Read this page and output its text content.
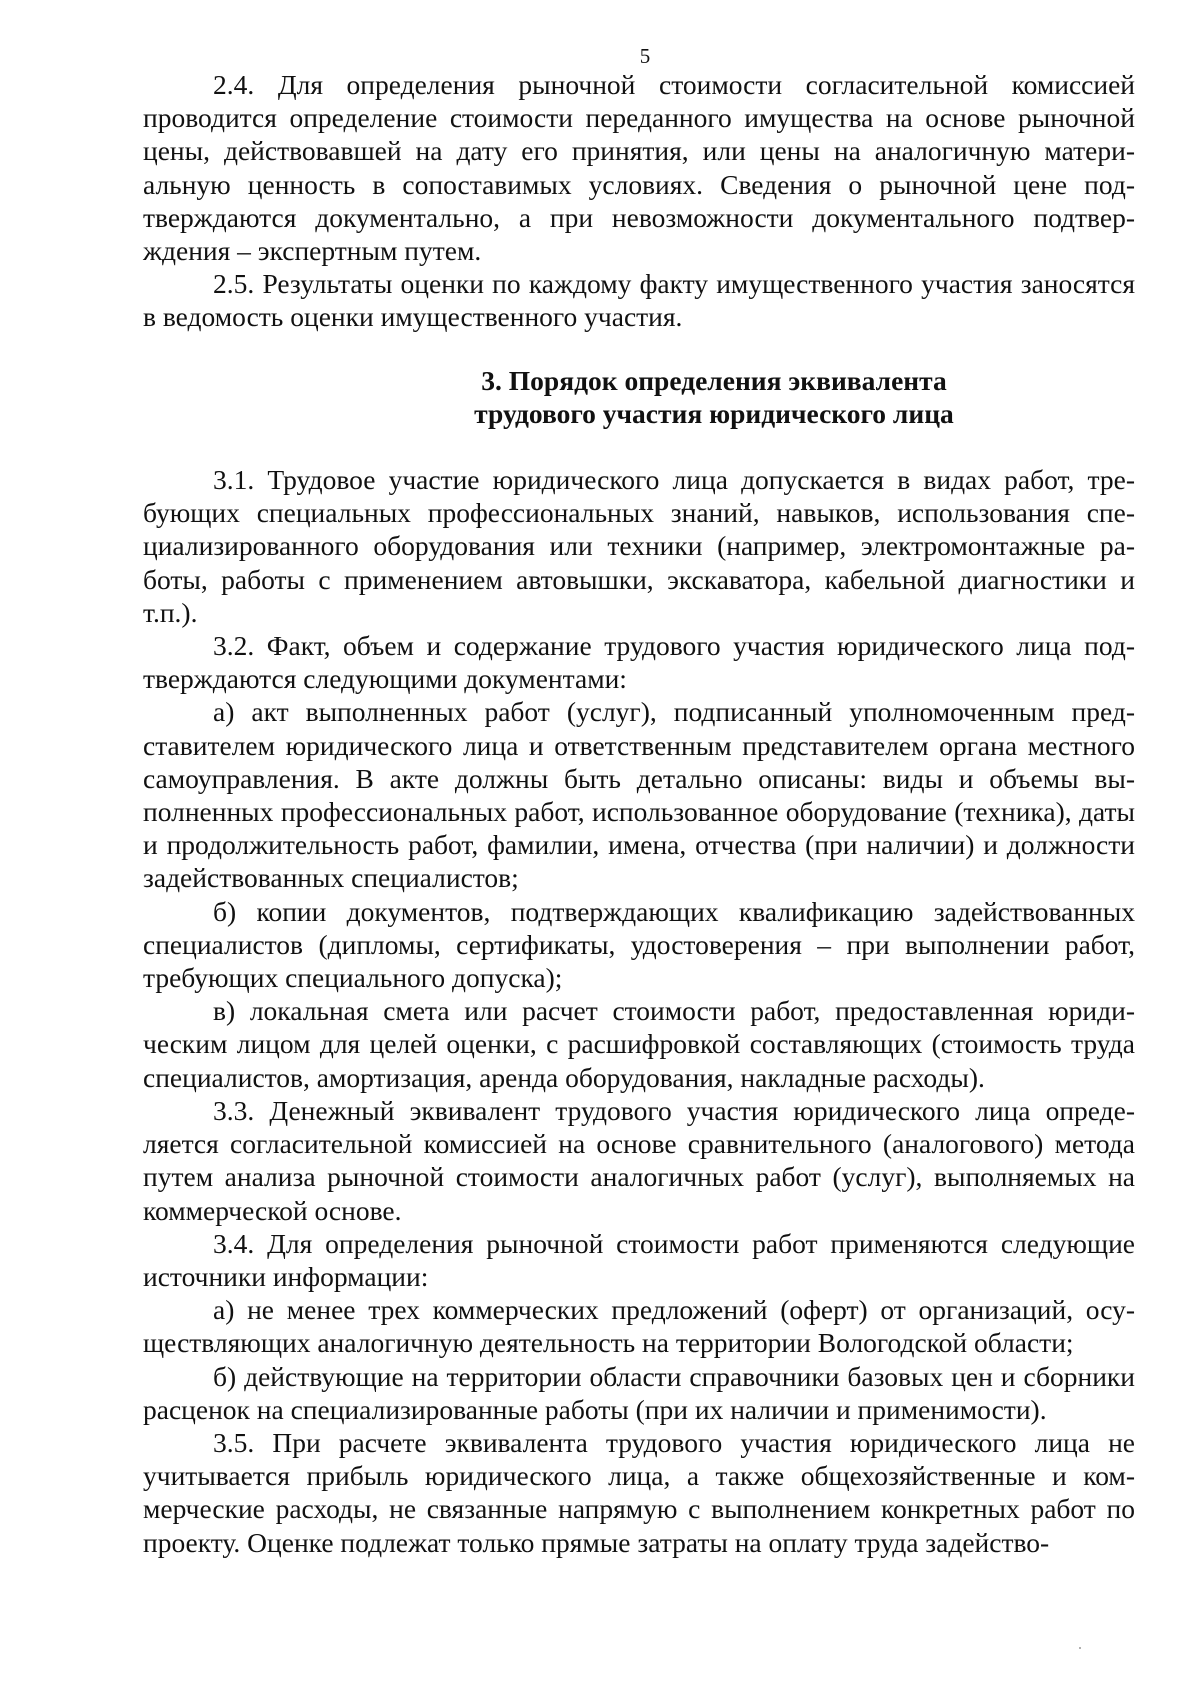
5

2.4. Для определения рыночной стоимости согласительной комиссией проводится определение стоимости переданного имущества на основе рыночной цены, действовавшей на дату его принятия, или цены на аналогичную материальную ценность в сопоставимых условиях. Сведения о рыночной цене подтверждаются документально, а при невозможности документального подтверждения – экспертным путем.

2.5. Результаты оценки по каждому факту имущественного участия заносятся в ведомость оценки имущественного участия.

3. Порядок определения эквивалента
трудового участия юридического лица

3.1. Трудовое участие юридического лица допускается в видах работ, требующих специальных профессиональных знаний, навыков, использования специализированного оборудования или техники (например, электромонтажные работы, работы с применением автовышки, экскаватора, кабельной диагностики и т.п.).

3.2. Факт, объем и содержание трудового участия юридического лица подтверждаются следующими документами:

а) акт выполненных работ (услуг), подписанный уполномоченным представителем юридического лица и ответственным представителем органа местного самоуправления. В акте должны быть детально описаны: виды и объемы выполненных профессиональных работ, использованное оборудование (техника), даты и продолжительность работ, фамилии, имена, отчества (при наличии) и должности задействованных специалистов;

б) копии документов, подтверждающих квалификацию задействованных специалистов (дипломы, сертификаты, удостоверения – при выполнении работ, требующих специального допуска);

в) локальная смета или расчет стоимости работ, предоставленная юридическим лицом для целей оценки, с расшифровкой составляющих (стоимость труда специалистов, амортизация, аренда оборудования, накладные расходы).

3.3. Денежный эквивалент трудового участия юридического лица определяется согласительной комиссией на основе сравнительного (аналогового) метода путем анализа рыночной стоимости аналогичных работ (услуг), выполняемых на коммерческой основе.

3.4. Для определения рыночной стоимости работ применяются следующие источники информации:

а) не менее трех коммерческих предложений (оферт) от организаций, осуществляющих аналогичную деятельность на территории Вологодской области;

б) действующие на территории области справочники базовых цен и сборники расценок на специализированные работы (при их наличии и применимости).

3.5. При расчете эквивалента трудового участия юридического лица не учитывается прибыль юридического лица, а также общехозяйственные и коммерческие расходы, не связанные напрямую с выполнением конкретных работ по проекту. Оценке подлежат только прямые затраты на оплату труда задейство-
